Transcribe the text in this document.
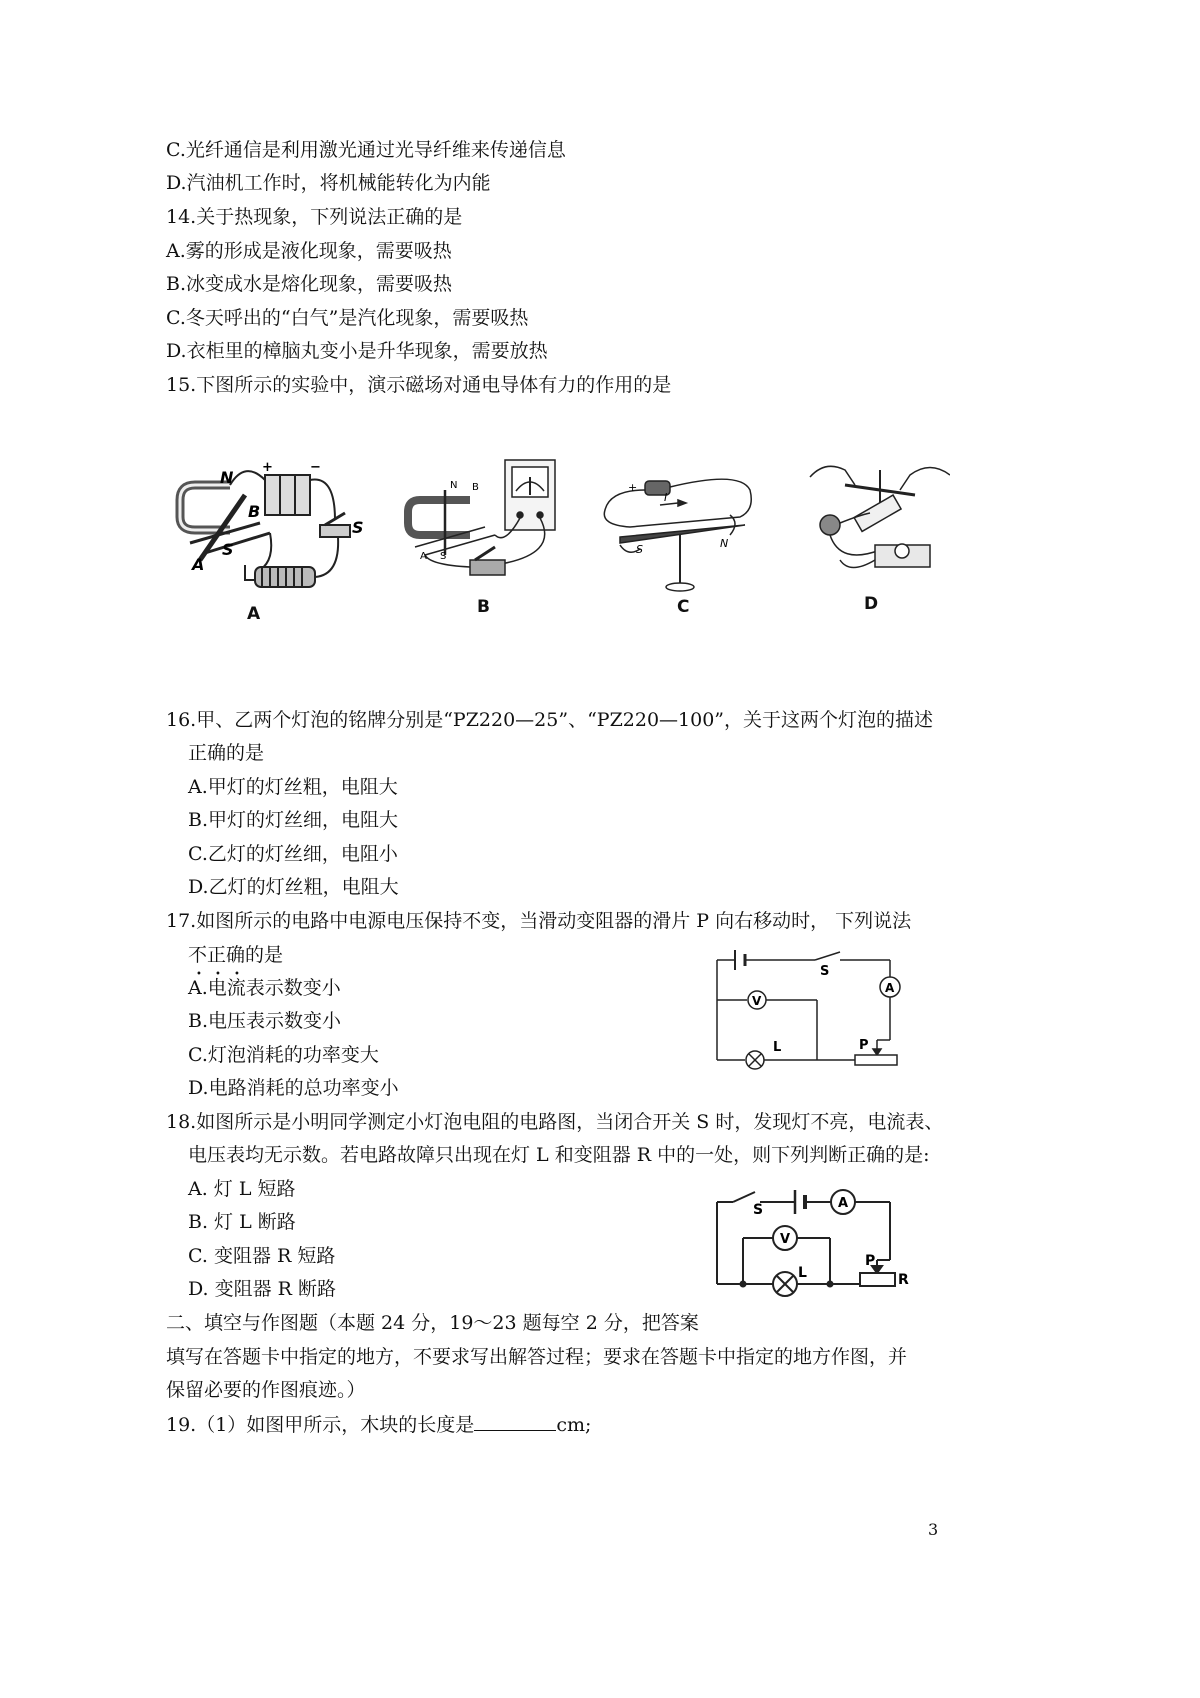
C.光纤通信是利用激光通过光导纤维来传递信息
D.汽油机工作时，将机械能转化为内能
14.关于热现象，下列说法正确的是
A.雾的形成是液化现象，需要吸热
B.冰变成水是熔化现象，需要吸热
C.冬天呼出的“白气”是汽化现象，需要吸热
D.衣柜里的樟脑丸变小是升华现象，需要放热
15.下图所示的实验中，演示磁场对通电导体有力的作用的是
N
B
A
S
S
+	−
A
N B
A S
B
+
I
S	N
C	D
16.甲、乙两个灯泡的铭牌分别是“PZ220—25”、“PZ220—100”，关于这两个灯泡的描述
正确的是
A.甲灯的灯丝粗，电阻大
B.甲灯的灯丝细，电阻大
C.乙灯的灯丝细，电阻小
D.乙灯的灯丝粗，电阻大
17.如图所示的电路中电源电压保持不变，当滑动变阻器的滑片 P 向右移动时， 下列说法
不正确
• • •
的是
A.电流表示数变小
B.电压表示数变小
C.灯泡消耗的功率变大
D.电路消耗的总功率变小
S
A
V
L	P
18.如图所示是小明同学测定小灯泡电阻的电路图，当闭合开关 S 时，发现灯不亮，电流表、
电压表均无示数。若电路故障只出现在灯 L 和变阻器 R 中的一处，则下列判断正确的是:
A. 灯 L 短路
B. 灯 L 断路
C. 变阻器 R 短路
D. 变阻器 R 断路
S	A
V
L
P
R
二、填空与作图题（本题 24 分，19～23 题每空 2 分，把答案
填写在答题卡中指定的地方，不要求写出解答过程；要求在答题卡中指定的地方作图，并
保留必要的作图痕迹。）
19.（1）如图甲所示，木块的长度是	cm;
3
